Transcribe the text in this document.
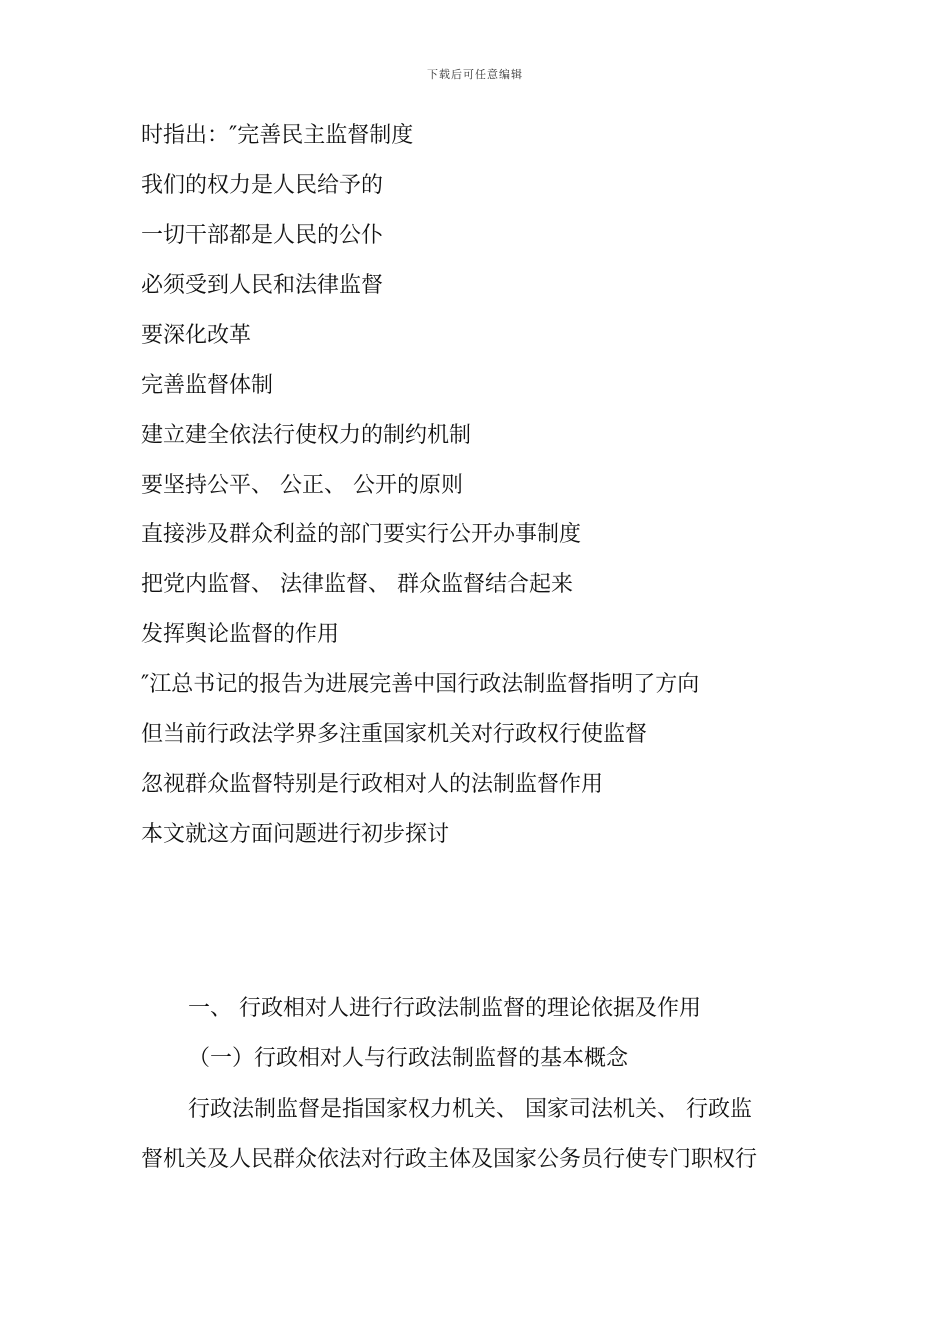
下载后可任意编辑
时指出：″完善民主监督制度
我们的权力是人民给予的
一切干部都是人民的公仆
必须受到人民和法律监督
要深化改革
完善监督体制
建立建全依法行使权力的制约机制
要坚持公平、 公正、 公开的原则
直接涉及群众利益的部门要实行公开办事制度
把党内监督、 法律监督、 群众监督结合起来
发挥舆论监督的作用
″江总书记的报告为进展完善中国行政法制监督指明了方向
但当前行政法学界多注重国家机关对行政权行使监督
忽视群众监督特别是行政相对人的法制监督作用
本文就这方面问题进行初步探讨
一、 行政相对人进行行政法制监督的理论依据及作用
（一）行政相对人与行政法制监督的基本概念
行政法制监督是指国家权力机关、 国家司法机关、 行政监
督机关及人民群众依法对行政主体及国家公务员行使专门职权行
